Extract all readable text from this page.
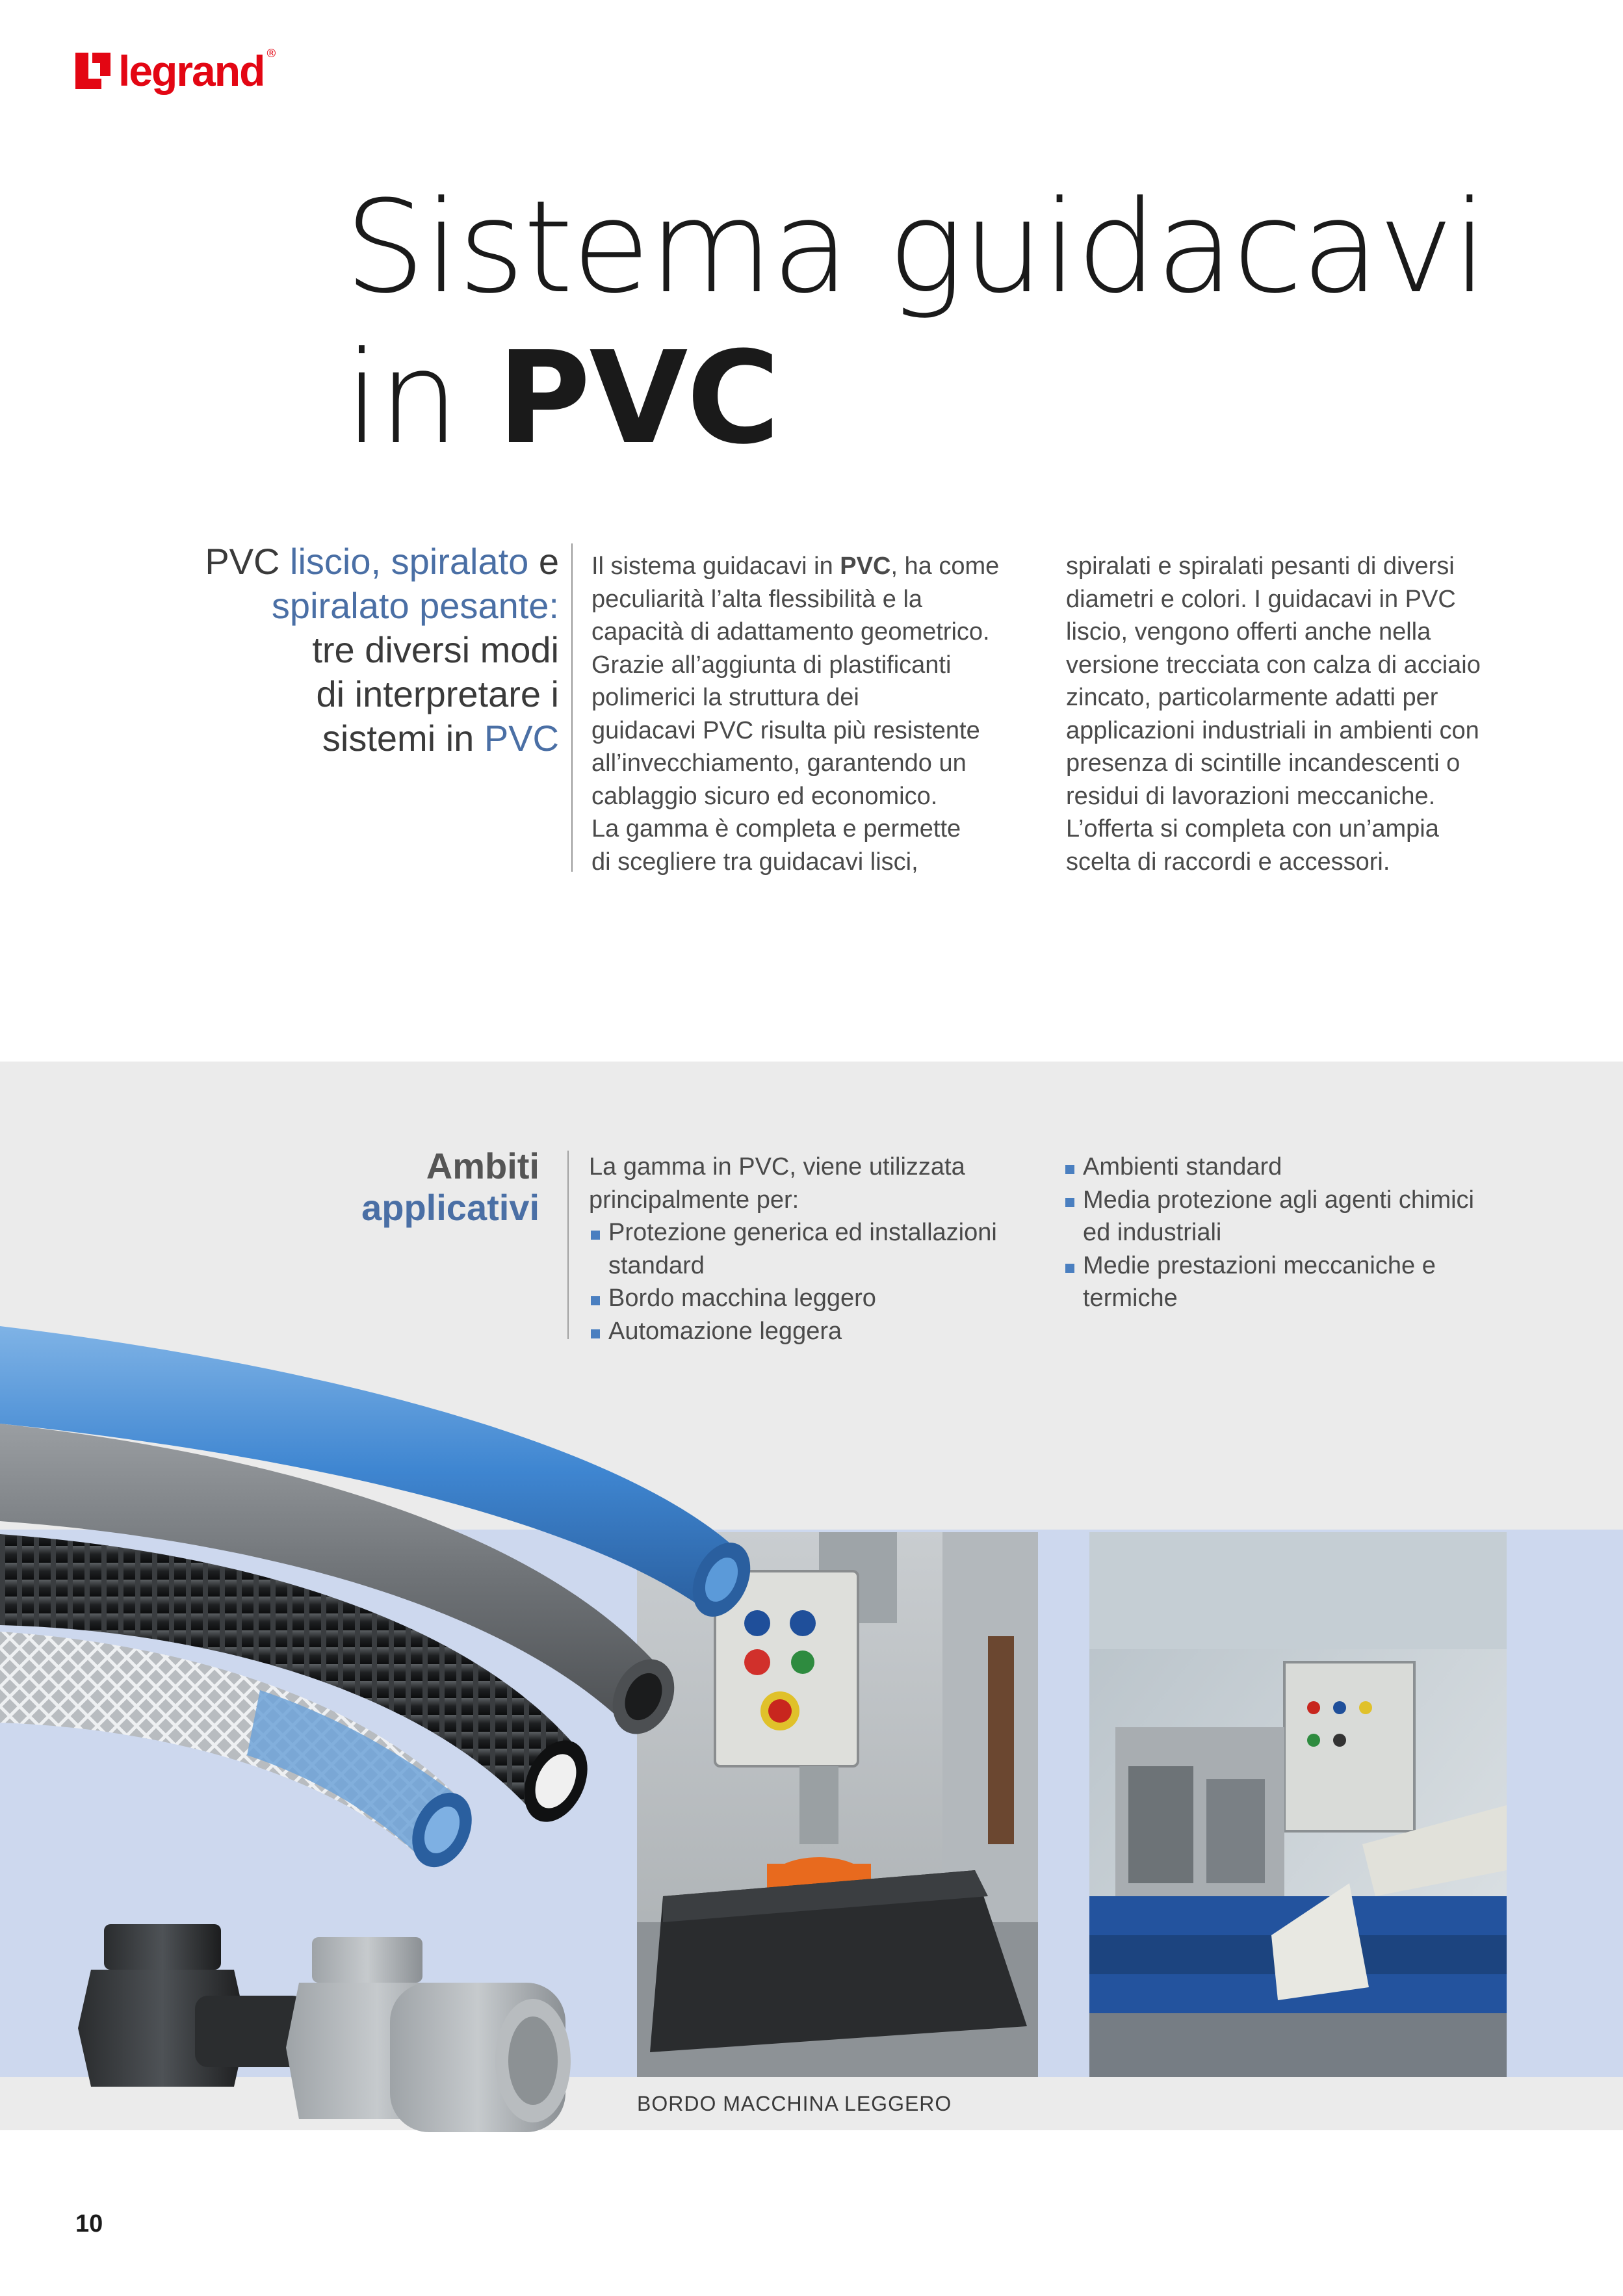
legrand ®
Sistema guidacavi
in PVC
PVC liscio, spiralato e
spiralato pesante:
tre diversi modi
di interpretare i
sistemi in PVC
Il sistema guidacavi in PVC, ha come
peculiarità l’alta flessibilità e la
capacità di adattamento geometrico.
Grazie all’aggiunta di plastificanti
polimerici la struttura dei
guidacavi PVC risulta più resistente
all’invecchiamento, garantendo un
cablaggio sicuro ed economico.
La gamma è completa e permette
di scegliere tra guidacavi lisci,
spiralati e spiralati pesanti di diversi
diametri e colori. I guidacavi in PVC
liscio, vengono offerti anche nella
versione trecciata con calza di acciaio
zincato, particolarmente adatti per
applicazioni industriali in ambienti con
presenza di scintille incandescenti o
residui di lavorazioni meccaniche.
L’offerta si completa con un’ampia
scelta di raccordi e accessori.
Ambiti
applicativi
La gamma in PVC, viene utilizzata
principalmente per:
Protezione generica ed installazioni
standard
Bordo macchina leggero
Automazione leggera
Ambienti standard
Media protezione agli agenti chimici
ed industriali
Medie prestazioni meccaniche e
termiche
BORDO MACCHINA LEGGERO
10
